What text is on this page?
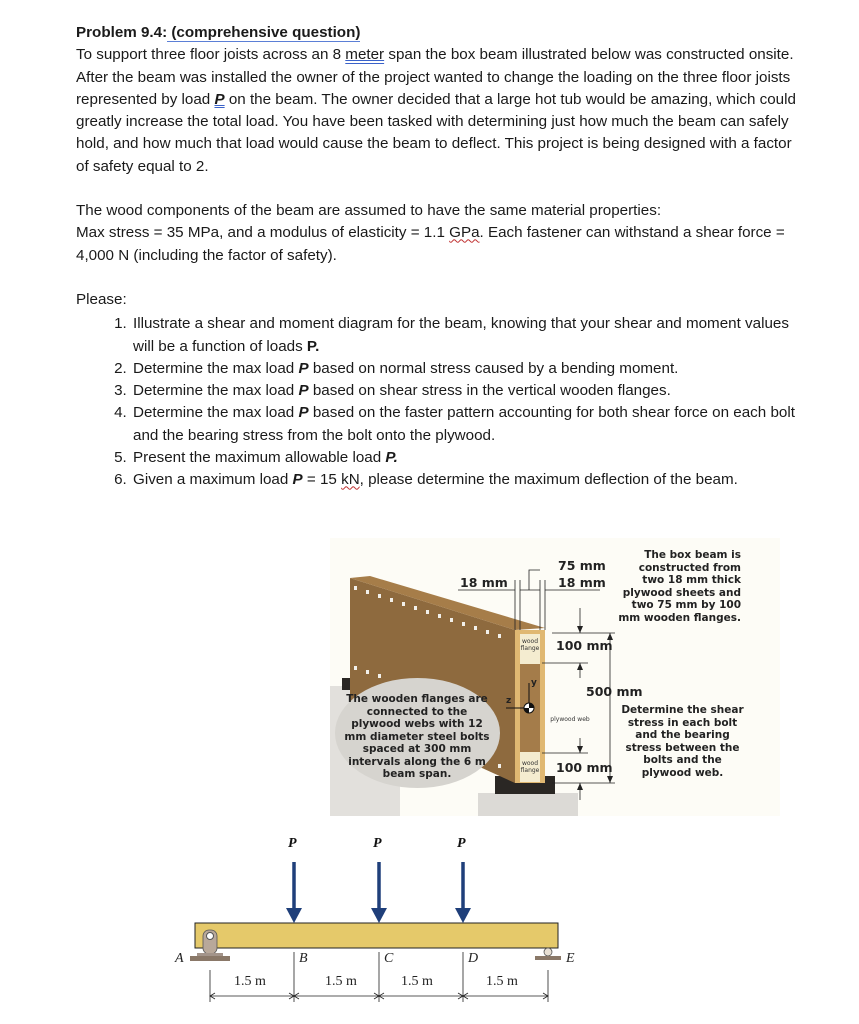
Problem 9.4: (comprehensive question)

To support three floor joists across an 8 meter span the box beam illustrated below was constructed onsite. After the beam was installed the owner of the project wanted to change the loading on the three floor joists represented by load P on the beam. The owner decided that a large hot tub would be amazing, which could greatly increase the total load. You have been tasked with determining just how much the beam can safely hold, and how much that load would cause the beam to deflect. This project is being designed with a factor of safety equal to 2.

The wood components of the beam are assumed to have the same material properties:
Max stress = 35 MPa, and a modulus of elasticity = 1.1 GPa. Each fastener can withstand a shear force = 4,000 N (including the factor of safety).

Please:
1. Illustrate a shear and moment diagram for the beam, knowing that your shear and moment values will be a function of loads P.
2. Determine the max load P based on normal stress caused by a bending moment.
3. Determine the max load P based on shear stress in the vertical wooden flanges.
4. Determine the max load P based on the faster pattern accounting for both shear force on each bolt and the bearing stress from the bolt onto the plywood.
5. Present the maximum allowable load P.
6. Given a maximum load P = 15 kN, please determine the maximum deflection of the beam.
75 mm
18 mm	18 mm
100 mm
500 mm
100 mm
wood flange
wood flange
plywood web
y
z
The box beam is constructed from two 18 mm thick plywood sheets and two 75 mm by 100 mm wooden flanges.
The wooden flanges are connected to the plywood webs with 12 mm diameter steel bolts spaced at 300 mm intervals along the 6 m beam span.
Determine the shear stress in each bolt and the bearing stress between the bolts and the plywood web.
P	P	P
A	B	C	D	E
1.5 m	1.5 m	1.5 m	1.5 m
